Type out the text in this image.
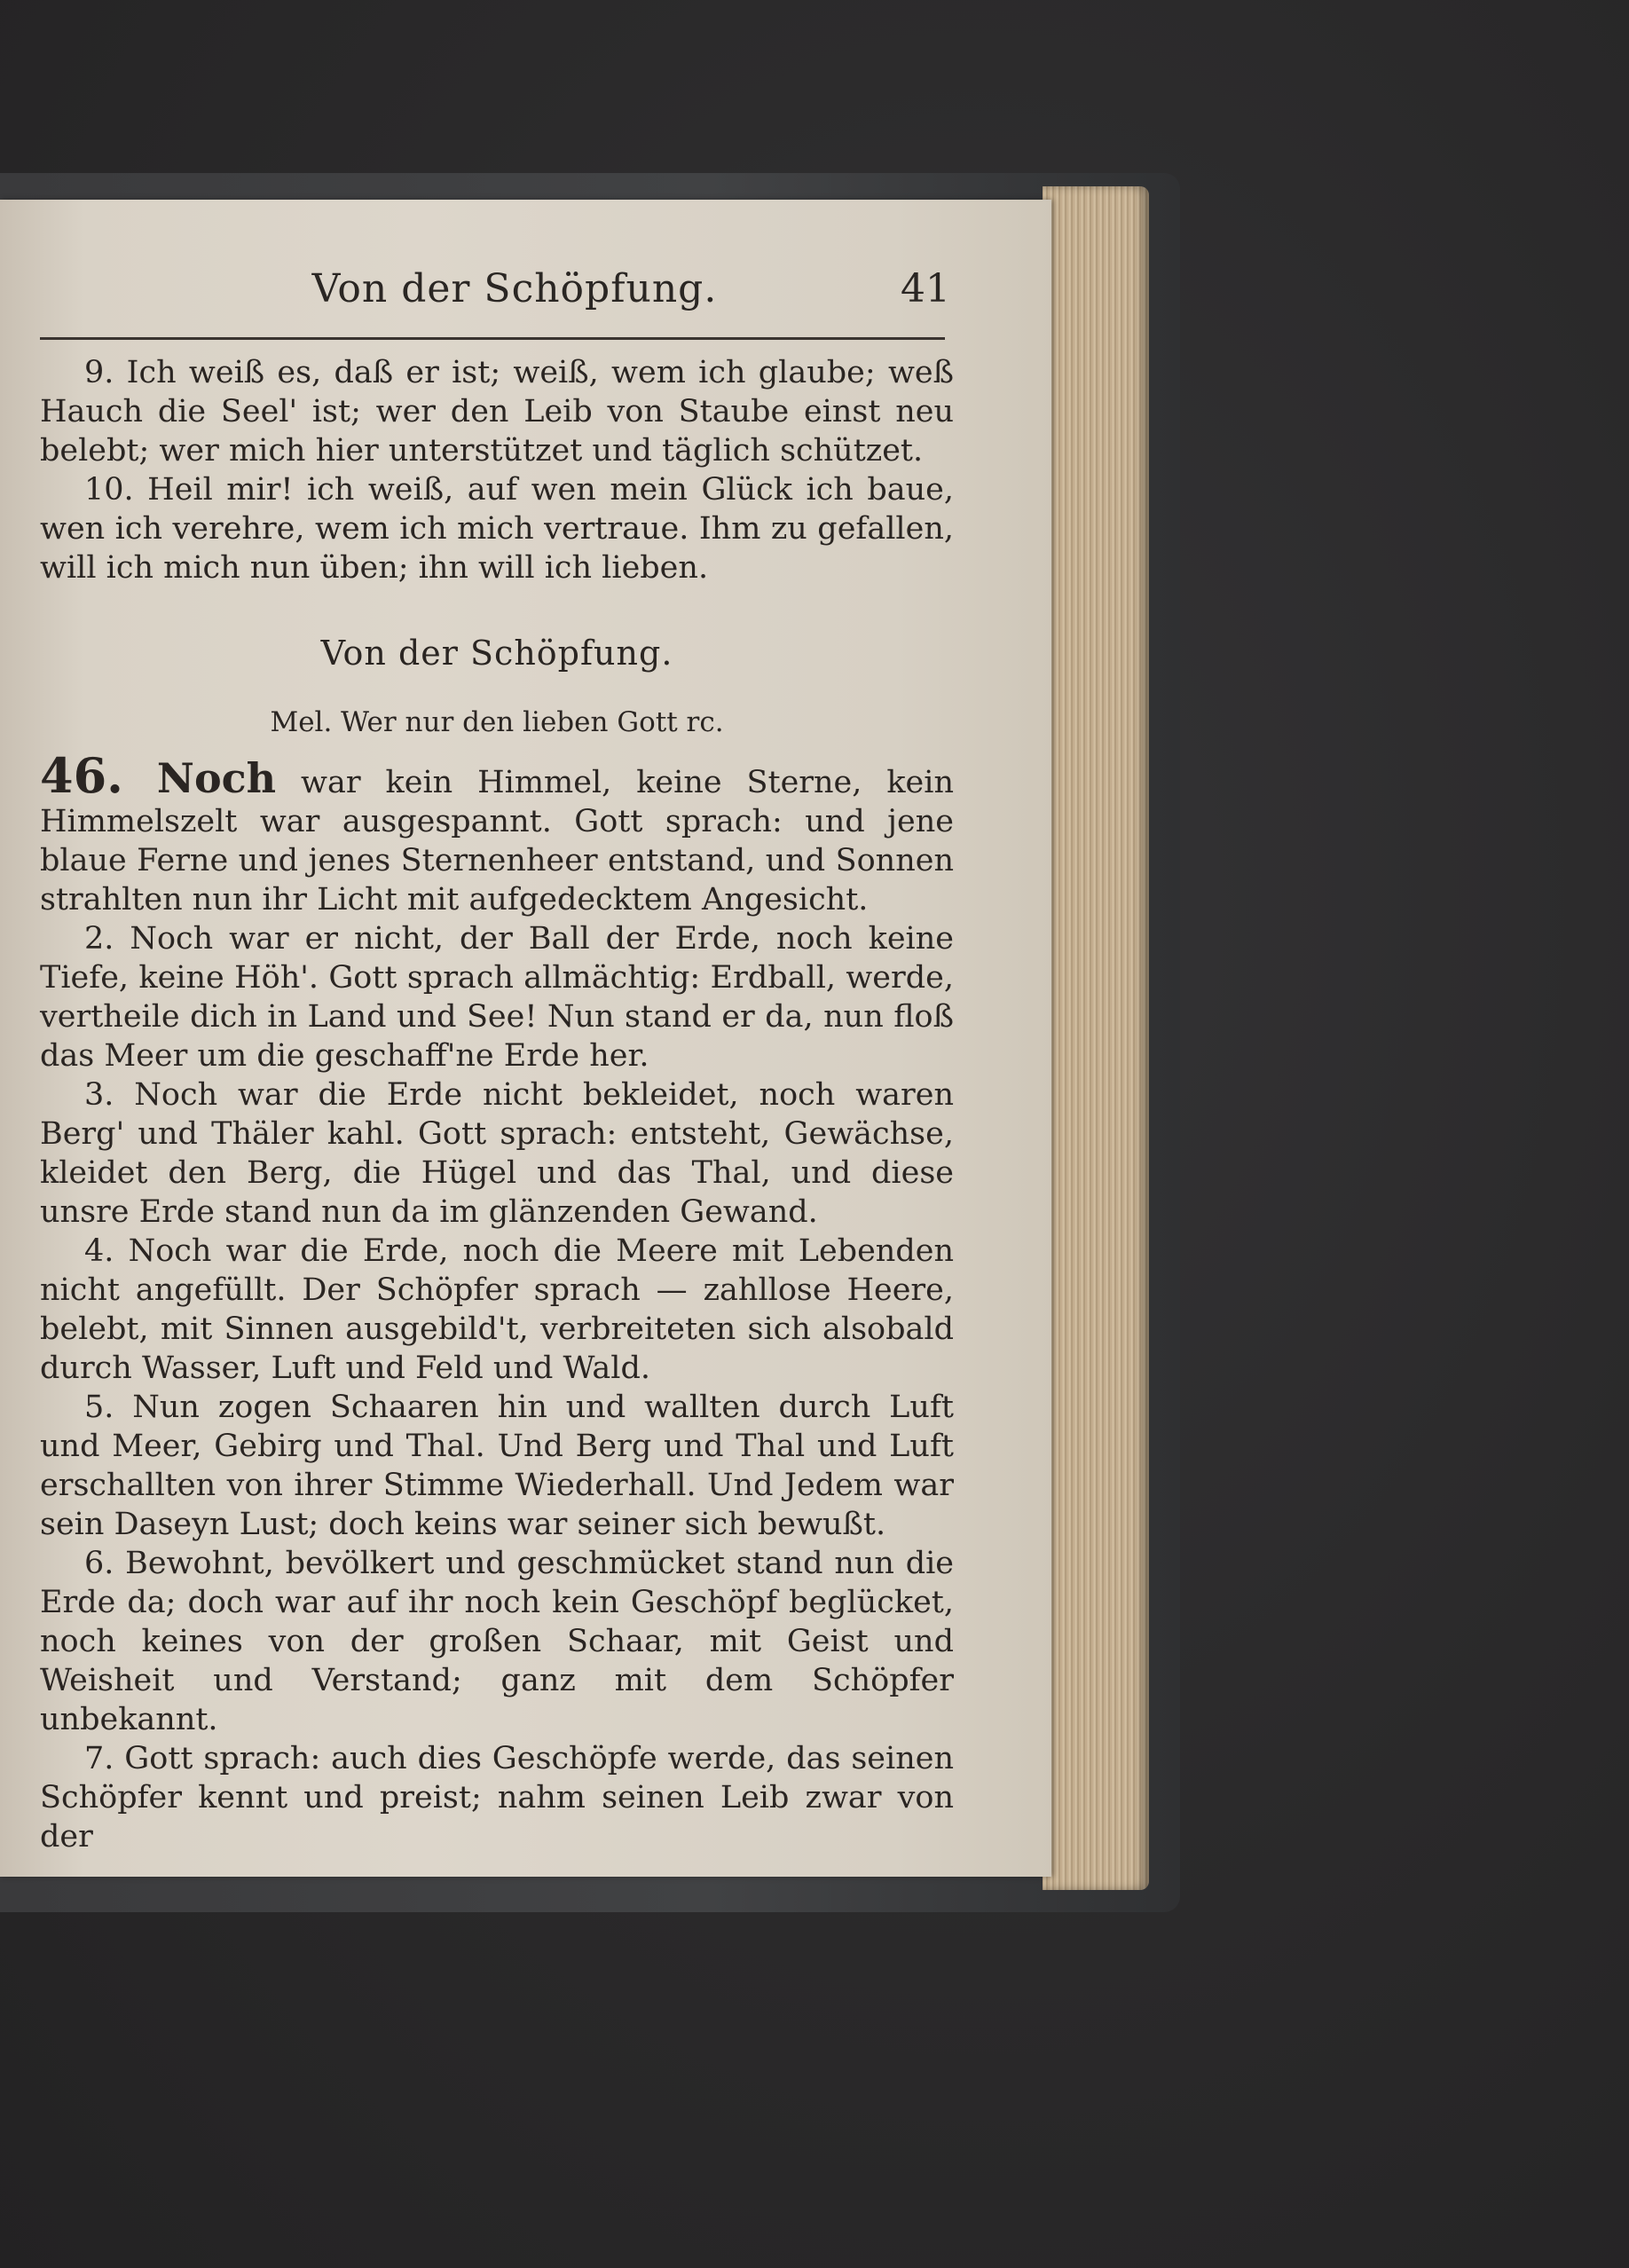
Von der Schöpfung.	41

9. Ich weiß es, daß er ist; weiß, wem ich glaube; weß Hauch die Seel' ist; wer den Leib von Staube einst neu belebt; wer mich hier unterstützet und täglich schützet.

10. Heil mir! ich weiß, auf wen mein Glück ich baue, wen ich verehre, wem ich mich vertraue. Ihm zu gefallen, will ich mich nun üben; ihn will ich lieben.

Von der Schöpfung.
Mel. Wer nur den lieben Gott rc.

46. Noch war kein Himmel, keine Sterne, kein Himmelszelt war ausgespannt. Gott sprach: und jene blaue Ferne und jenes Sternenheer entstand, und Sonnen strahlten nun ihr Licht mit aufgedecktem Angesicht.

2. Noch war er nicht, der Ball der Erde, noch keine Tiefe, keine Höh'. Gott sprach allmächtig: Erdball, werde, vertheile dich in Land und See! Nun stand er da, nun floß das Meer um die geschaff'ne Erde her.

3. Noch war die Erde nicht bekleidet, noch waren Berg' und Thäler kahl. Gott sprach: entsteht, Gewächse, kleidet den Berg, die Hügel und das Thal, und diese unsre Erde stand nun da im glänzenden Gewand.

4. Noch war die Erde, noch die Meere mit Lebenden nicht angefüllt. Der Schöpfer sprach — zahllose Heere, belebt, mit Sinnen ausgebild't, verbreiteten sich alsobald durch Wasser, Luft und Feld und Wald.

5. Nun zogen Schaaren hin und wallten durch Luft und Meer, Gebirg und Thal. Und Berg und Thal und Luft erschallten von ihrer Stimme Wiederhall. Und Jedem war sein Daseyn Lust; doch keins war seiner sich bewußt.

6. Bewohnt, bevölkert und geschmücket stand nun die Erde da; doch war auf ihr noch kein Geschöpf beglücket, noch keines von der großen Schaar, mit Geist und Weisheit und Verstand; ganz mit dem Schöpfer unbekannt.

7. Gott sprach: auch dies Geschöpfe werde, das seinen Schöpfer kennt und preist; nahm seinen Leib zwar von der
